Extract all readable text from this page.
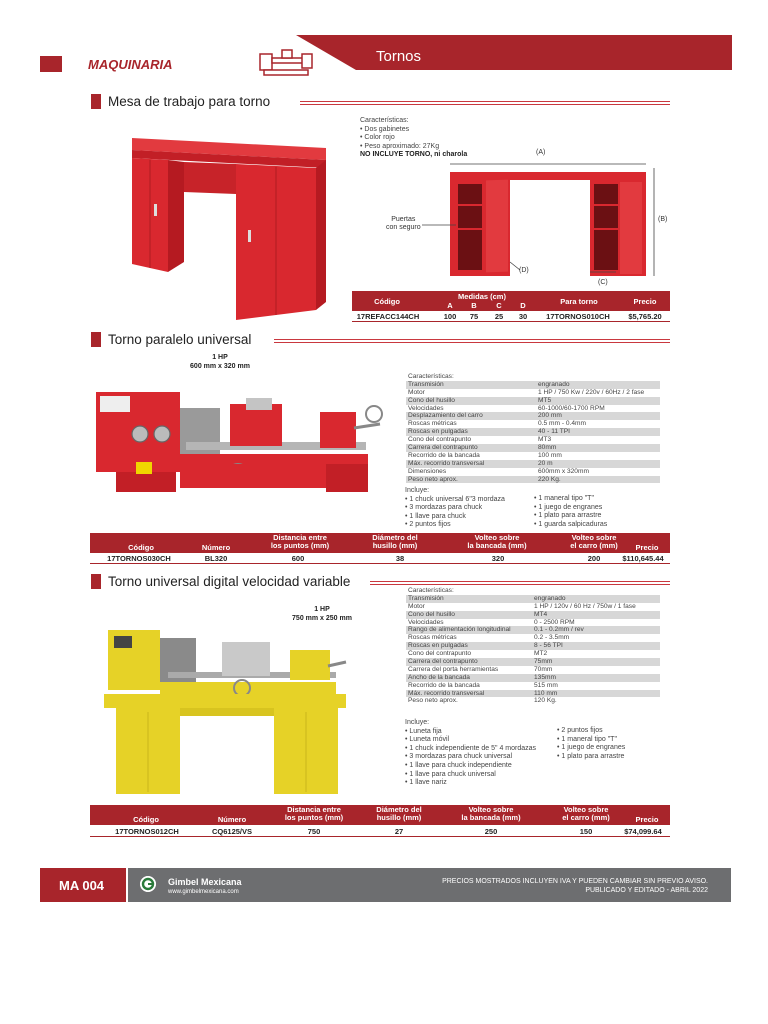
MAQUINARIA	Tornos
Mesa de trabajo para torno
Características:
• Dos gabinetes
• Color rojo
• Peso aproximado: 27Kg
NO INCLUYE TORNO, ni charola	(A)
(B)
(C)
(D)
Puertas
con seguro
Código
Medidas (cm)
A	B	C	D	Para torno	Precio
17REFACC144CH	100	75	25	30	17TORNOS010CH	$5,765.20
Torno paralelo universal
1 HP
600 mm x 320 mm
Características:
Transmisión	engranado
Motor	1 HP / 750 Kw / 220v / 60Hz / 2 fase
Cono del husillo	MT5
Velocidades	60-1000/60-1700 RPM
Desplazamiento del carro	200 mm
Roscas métricas	0.5 mm - 0.4mm
Roscas en pulgadas	40 - 11 TPI
Cono del contrapunto	MT3
Carrera del contrapunto	80mm
Recorrido de la bancada	100 mm
Máx. recorrido transversal	20 m
Dimensiones	600mm x 320mm
Peso neto aprox.	220 Kg.
Incluye:
• 1 chuck universal 6"3 mordaza
• 3 mordazas para chuck
• 1 llave para chuck
• 2 puntos fijos
• 1 maneral tipo "T"
• 1 juego de engranes
• 1 plato para arrastre
• 1 guarda salpicaduras
Código	Número
Distancia entre
los puntos (mm)
Diámetro del
husillo (mm)
Volteo sobre
la bancada (mm)
Volteo sobre
el carro (mm)	Precio
17TORNOS030CH	BL320	600	38	320	200	$110,645.44
Torno universal digital velocidad variable
1 HP
750 mm x 250 mm
Características:
Transmisión	engranado
Motor	1 HP / 120v / 60 Hz / 750w / 1 fase
Cono del husillo	MT4
Velocidades	0 - 2500 RPM
Rango de alimentación longitudinal	0.1 - 0.2mm / rev
Roscas métricas	0.2 - 3.5mm
Roscas en pulgadas	8 - 56 TPI
Cono del contrapunto	MT2
Carrera del contrapunto	75mm
Carrera del porta herramientas	70mm
Ancho de la bancada	135mm
Recorrido de la bancada	515 mm
Máx. recorrido transversal	110 mm
Peso neto aprox.	120 Kg.
Incluye:
• Luneta fija
• Luneta móvil
• 1 chuck independiente de 5" 4 mordazas
• 3 mordazas para chuck universal
• 1 llave para chuck independiente
• 1 llave para chuck universal
• 1 llave nariz
• 2 puntos fijos
• 1 maneral tipo "T"
• 1 juego de engranes
• 1 plato para arrastre
Código	Número
Distancia entre
los puntos (mm)
Diámetro del
husillo (mm)
Volteo sobre
la bancada (mm)
Volteo sobre
el carro (mm)	Precio
17TORNOS012CH	CQ6125/VS	750	27	250	150	$74,099.64
MA 004	Gimbel Mexicana
www.gimbelmexicana.com
PRECIOS MOSTRADOS INCLUYEN IVA Y PUEDEN CAMBIAR SIN PREVIO AVISO.
PUBLICADO Y EDITADO - ABRIL 2022
